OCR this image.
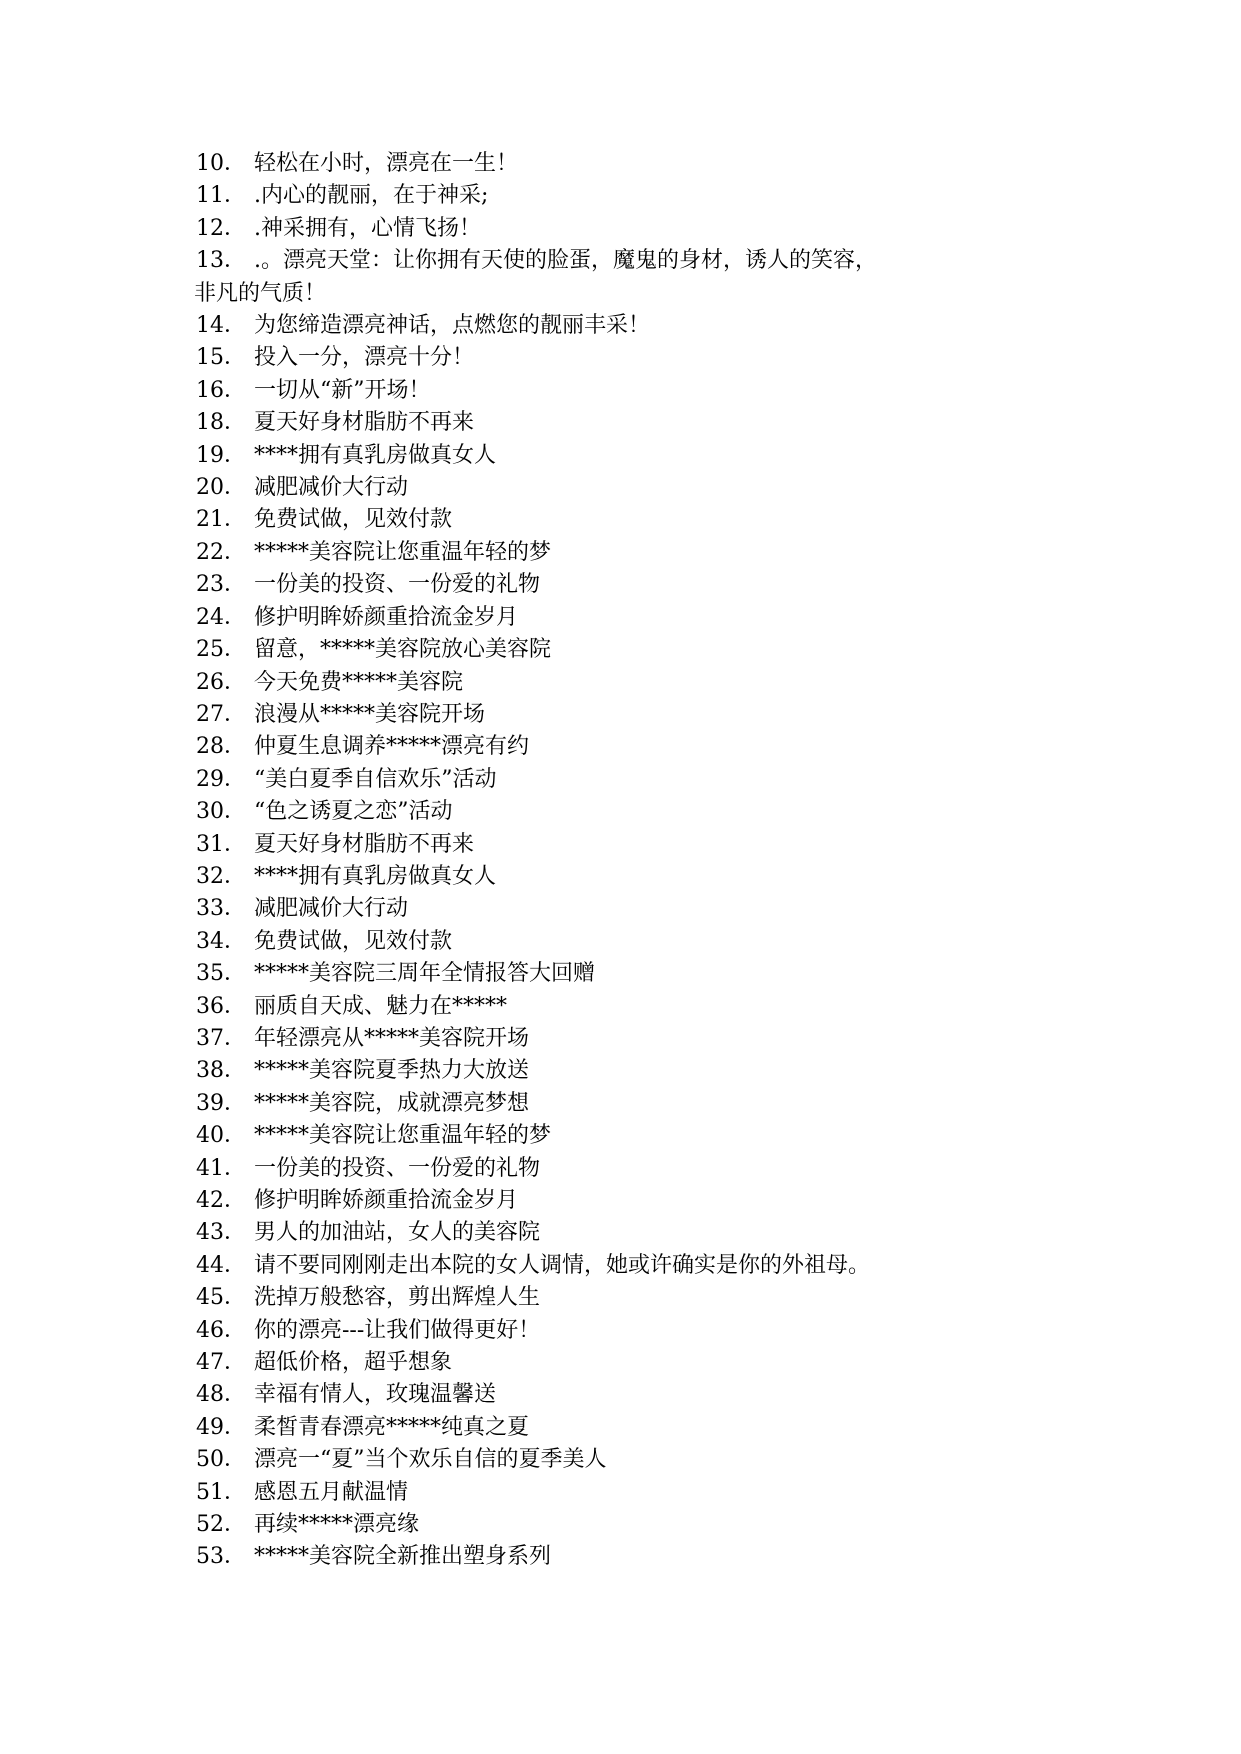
10． 轻松在小时，漂亮在一生！
11． .内心的靓丽，在于神采;
12． .神采拥有，心情飞扬！
13． .。漂亮天堂：让你拥有天使的脸蛋，魔鬼的身材，诱人的笑容，
非凡的气质！
14． 为您缔造漂亮神话，点燃您的靓丽丰采！
15． 投入一分，漂亮十分！
16． 一切从“新”开场！
18． 夏天好身材脂肪不再来
19． ****拥有真乳房做真女人
20． 减肥减价大行动
21． 免费试做，见效付款
22． *****美容院让您重温年轻的梦
23． 一份美的投资、一份爱的礼物
24． 修护明眸娇颜重拾流金岁月
25． 留意，*****美容院放心美容院
26． 今天免费*****美容院
27． 浪漫从*****美容院开场
28． 仲夏生息调养*****漂亮有约
29． “美白夏季自信欢乐”活动
30． “色之诱夏之恋”活动
31． 夏天好身材脂肪不再来
32． ****拥有真乳房做真女人
33． 减肥减价大行动
34． 免费试做，见效付款
35． *****美容院三周年全情报答大回赠
36． 丽质自天成、魅力在*****
37． 年轻漂亮从*****美容院开场
38． *****美容院夏季热力大放送
39． *****美容院，成就漂亮梦想
40． *****美容院让您重温年轻的梦
41． 一份美的投资、一份爱的礼物
42． 修护明眸娇颜重拾流金岁月
43． 男人的加油站，女人的美容院
44． 请不要同刚刚走出本院的女人调情，她或许确实是你的外祖母。
45． 洗掉万般愁容，剪出辉煌人生
46． 你的漂亮---让我们做得更好！
47． 超低价格，超乎想象
48． 幸福有情人，玫瑰温馨送
49． 柔皙青春漂亮*****纯真之夏
50． 漂亮一“夏”当个欢乐自信的夏季美人
51． 感恩五月献温情
52． 再续*****漂亮缘
53． *****美容院全新推出塑身系列
